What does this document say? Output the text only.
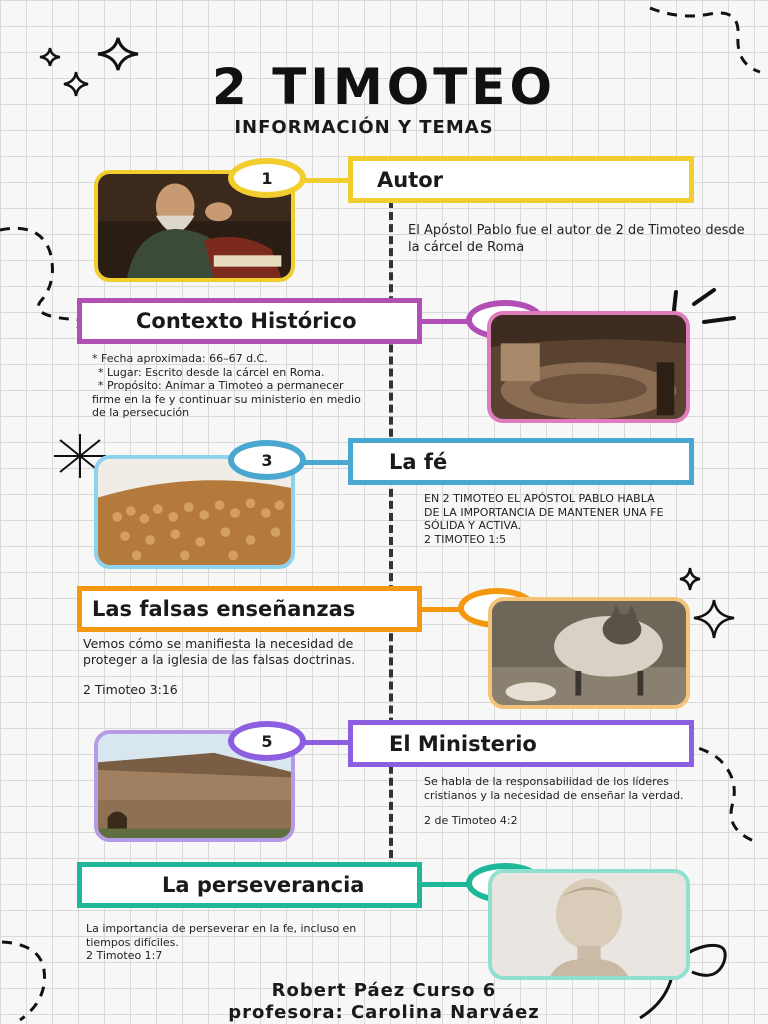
2 TIMOTEO
INFORMACIÓN Y TEMAS
1	Autor
El Apóstol Pablo fue el autor de 2 de Timoteo desde la cárcel de Roma
Contexto Histórico
* Fecha aproximada: 66–67 d.C.
* Lugar: Escrito desde la cárcel en Roma.
* Propósito: Animar a Timoteo a permanecer firme en la fe y continuar su ministerio en medio de la persecución
3	La fé
EN 2 TIMOTEO EL APÓSTOL PABLO HABLA DE LA IMPORTANCIA DE MANTENER UNA FE SÓLIDA Y ACTIVA.
2 TIMOTEO 1:5
Las falsas enseñanzas
Vemos cómo se manifiesta la necesidad de proteger a la iglesia de las falsas doctrinas.
2 Timoteo 3:16
5	El Ministerio
Se habla de la responsabilidad de los líderes cristianos y la necesidad de enseñar la verdad.
2 de Timoteo 4:2
La perseverancia
La importancia de perseverar en la fe, incluso en tiempos difíciles.
2 Timoteo 1:7
Robert Páez Curso 6
profesora: Carolina Narváez
